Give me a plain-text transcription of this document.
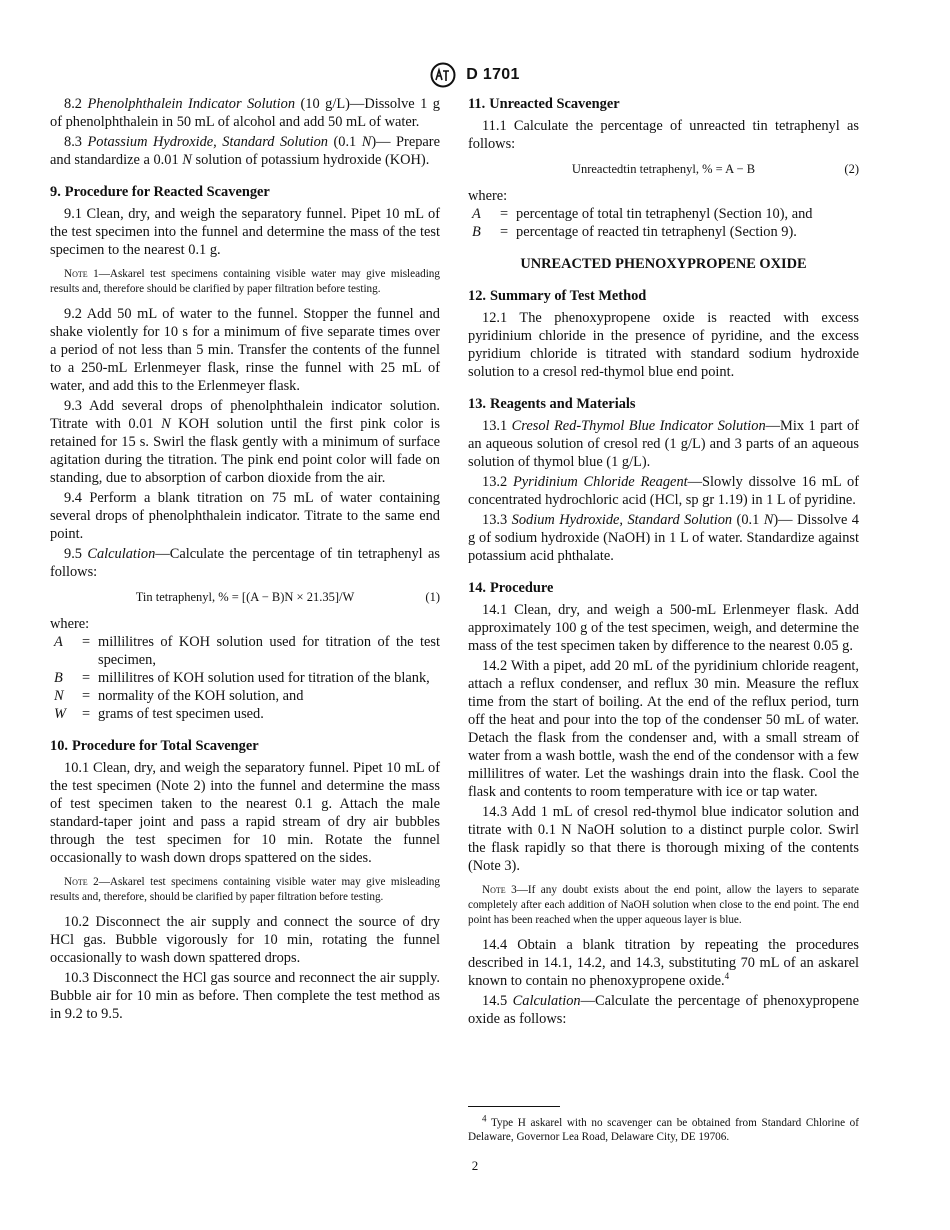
D 1701

8.2 Phenolphthalein Indicator Solution (10 g/L)—Dissolve 1 g of phenolphthalein in 50 mL of alcohol and add 50 mL of water.

8.3 Potassium Hydroxide, Standard Solution (0.1 N)— Prepare and standardize a 0.01 N solution of potassium hydroxide (KOH).

9. Procedure for Reacted Scavenger

9.1 Clean, dry, and weigh the separatory funnel. Pipet 10 mL of the test specimen into the funnel and determine the mass of the test specimen to the nearest 0.1 g.

Note 1—Askarel test specimens containing visible water may give misleading results and, therefore should be clarified by paper filtration before testing.

9.2 Add 50 mL of water to the funnel. Stopper the funnel and shake violently for 10 s for a minimum of five separate times over a period of not less than 5 min. Transfer the contents of the funnel to a 250-mL Erlenmeyer flask, rinse the funnel with 25 mL of water, and add this to the Erlenmeyer flask.

9.3 Add several drops of phenolphthalein indicator solution. Titrate with 0.01 N KOH solution until the first pink color is retained for 15 s. Swirl the flask gently with a minimum of surface agitation during the titration. The pink end point color will fade on standing, due to absorption of carbon dioxide from the air.

9.4 Perform a blank titration on 75 mL of water containing several drops of phenolphthalein indicator. Titrate to the same end point.

9.5 Calculation—Calculate the percentage of tin tetraphenyl as follows:

Tin tetraphenyl, % = [(A − B)N × 21.35]/W	(1)
where:
A	= millilitres of KOH solution used for titration of the test specimen,
B	= millilitres of KOH solution used for titration of the blank,
N	= normality of the KOH solution, and
W	= grams of test specimen used.
10. Procedure for Total Scavenger

10.1 Clean, dry, and weigh the separatory funnel. Pipet 10 mL of the test specimen (Note 2) into the funnel and determine the mass of test specimen taken to the nearest 0.1 g. Attach the male standard-taper joint and pass a rapid stream of dry air bubbles through the test specimen for 10 min. Rotate the funnel occasionally to wash down drops spattered on the sides.

Note 2—Askarel test specimens containing visible water may give misleading results and, therefore, should be clarified by paper filtration before testing.

10.2 Disconnect the air supply and connect the source of dry HCl gas. Bubble vigorously for 10 min, rotating the funnel occasionally to wash down spattered drops.

10.3 Disconnect the HCl gas source and reconnect the air supply. Bubble air for 10 min as before. Then complete the test method as in 9.2 to 9.5.

11. Unreacted Scavenger

11.1 Calculate the percentage of unreacted tin tetraphenyl as follows:

Unreactedtin tetraphenyl, % = A − B	(2)
where:
A	= percentage of total tin tetraphenyl (Section 10), and
B	= percentage of reacted tin tetraphenyl (Section 9).
UNREACTED PHENOXYPROPENE OXIDE
12. Summary of Test Method

12.1 The phenoxypropene oxide is reacted with excess pyridinium chloride in the presence of pyridine, and the excess pyridium chloride is titrated with standard sodium hydroxide solution to a cresol red-thymol blue end point.

13. Reagents and Materials

13.1 Cresol Red-Thymol Blue Indicator Solution—Mix 1 part of an aqueous solution of cresol red (1 g/L) and 3 parts of an aqueous solution of thymol blue (1 g/L).

13.2 Pyridinium Chloride Reagent—Slowly dissolve 16 mL of concentrated hydrochloric acid (HCl, sp gr 1.19) in 1 L of pyridine.

13.3 Sodium Hydroxide, Standard Solution (0.1 N)— Dissolve 4 g of sodium hydroxide (NaOH) in 1 L of water. Standardize against potassium acid phthalate.

14. Procedure

14.1 Clean, dry, and weigh a 500-mL Erlenmeyer flask. Add approximately 100 g of the test specimen, weigh, and determine the mass of the test specimen taken by difference to the nearest 0.05 g.

14.2 With a pipet, add 20 mL of the pyridinium chloride reagent, attach a reflux condenser, and reflux 30 min. Measure the reflux time from the start of boiling. At the end of the reflux period, turn off the heat and pour into the top of the condenser 50 mL of water. Detach the flask from the condenser and, with a small stream of water from a wash bottle, wash the end of the condensor with a few millilitres of water. Let the washings drain into the flask. Cool the flask and contents to room temperature with ice or tap water.

14.3 Add 1 mL of cresol red-thymol blue indicator solution and titrate with 0.1 N NaOH solution to a distinct purple color. Swirl the flask rapidly so that there is thorough mixing of the contents (Note 3).

Note 3—If any doubt exists about the end point, allow the layers to separate completely after each addition of NaOH solution when close to the end point. The end point has been reached when the upper aqueous layer is blue.

14.4 Obtain a blank titration by repeating the procedures described in 14.1, 14.2, and 14.3, substituting 70 mL of an askarel known to contain no phenoxypropene oxide.$^4$

14.5 Calculation—Calculate the percentage of phenoxypropene oxide as follows:

$^4$ Type H askarel with no scavenger can be obtained from Standard Chlorine of Delaware, Governor Lea Road, Delaware City, DE 19706.
2
